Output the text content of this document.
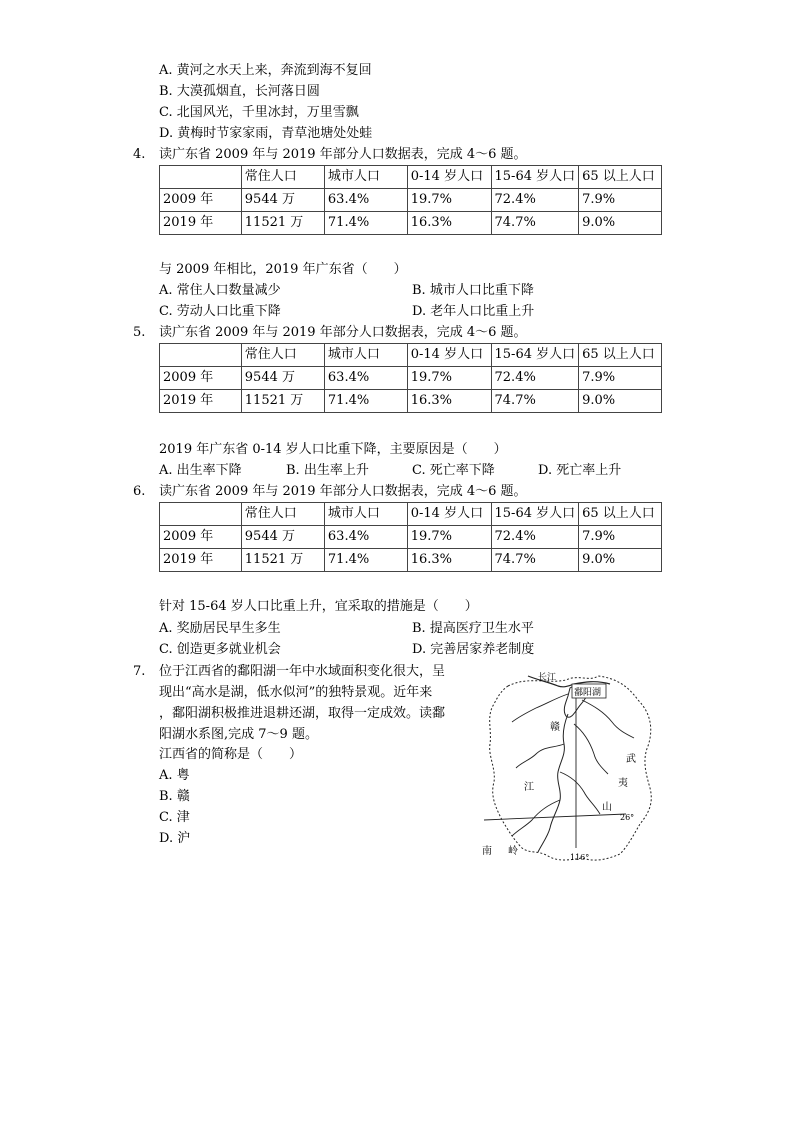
A. 黄河之水天上来，奔流到海不复回
B. 大漠孤烟直，长河落日圆
C. 北国风光，千里冰封，万里雪飘
D. 黄梅时节家家雨，青草池塘处处蛙
4. 读广东省 2009 年与 2019 年部分人口数据表，完成 4～6 题。
	常住人口	城市人口	0-14 岁人口	15-64 岁人口	65 以上人口
2009 年	9544 万	63.4%	19.7%	72.4%	7.9%
2019 年	11521 万	71.4%	16.3%	74.7%	9.0%
与 2009 年相比，2019 年广东省（　　）
A. 常住人口数量减少	B. 城市人口比重下降
C. 劳动人口比重下降	D. 老年人口比重上升
5. 读广东省 2009 年与 2019 年部分人口数据表，完成 4～6 题。
	常住人口	城市人口	0-14 岁人口	15-64 岁人口	65 以上人口
2009 年	9544 万	63.4%	19.7%	72.4%	7.9%
2019 年	11521 万	71.4%	16.3%	74.7%	9.0%
2019 年广东省 0-14 岁人口比重下降，主要原因是（　　）
A. 出生率下降	B. 出生率上升	C. 死亡率下降	D. 死亡率上升
6. 读广东省 2009 年与 2019 年部分人口数据表，完成 4～6 题。
	常住人口	城市人口	0-14 岁人口	15-64 岁人口	65 以上人口
2009 年	9544 万	63.4%	19.7%	72.4%	7.9%
2019 年	11521 万	71.4%	16.3%	74.7%	9.0%
针对 15-64 岁人口比重上升，宜采取的措施是（　　）
A. 奖励居民早生多生	B. 提高医疗卫生水平
C. 创造更多就业机会	D. 完善居家养老制度
7. 位于江西省的鄱阳湖一年中水域面积变化很大，呈
现出“高水是湖，低水似河”的独特景观。近年来
，鄱阳湖积极推进退耕还湖，取得一定成效。读鄱
阳湖水系图,完成 7～9 题。
江西省的简称是（　　）
A. 粤
B. 赣
C. 津
D. 沪
长江
鄱阳湖
赣
江
武
夷
山
南 岭
26°
116°
